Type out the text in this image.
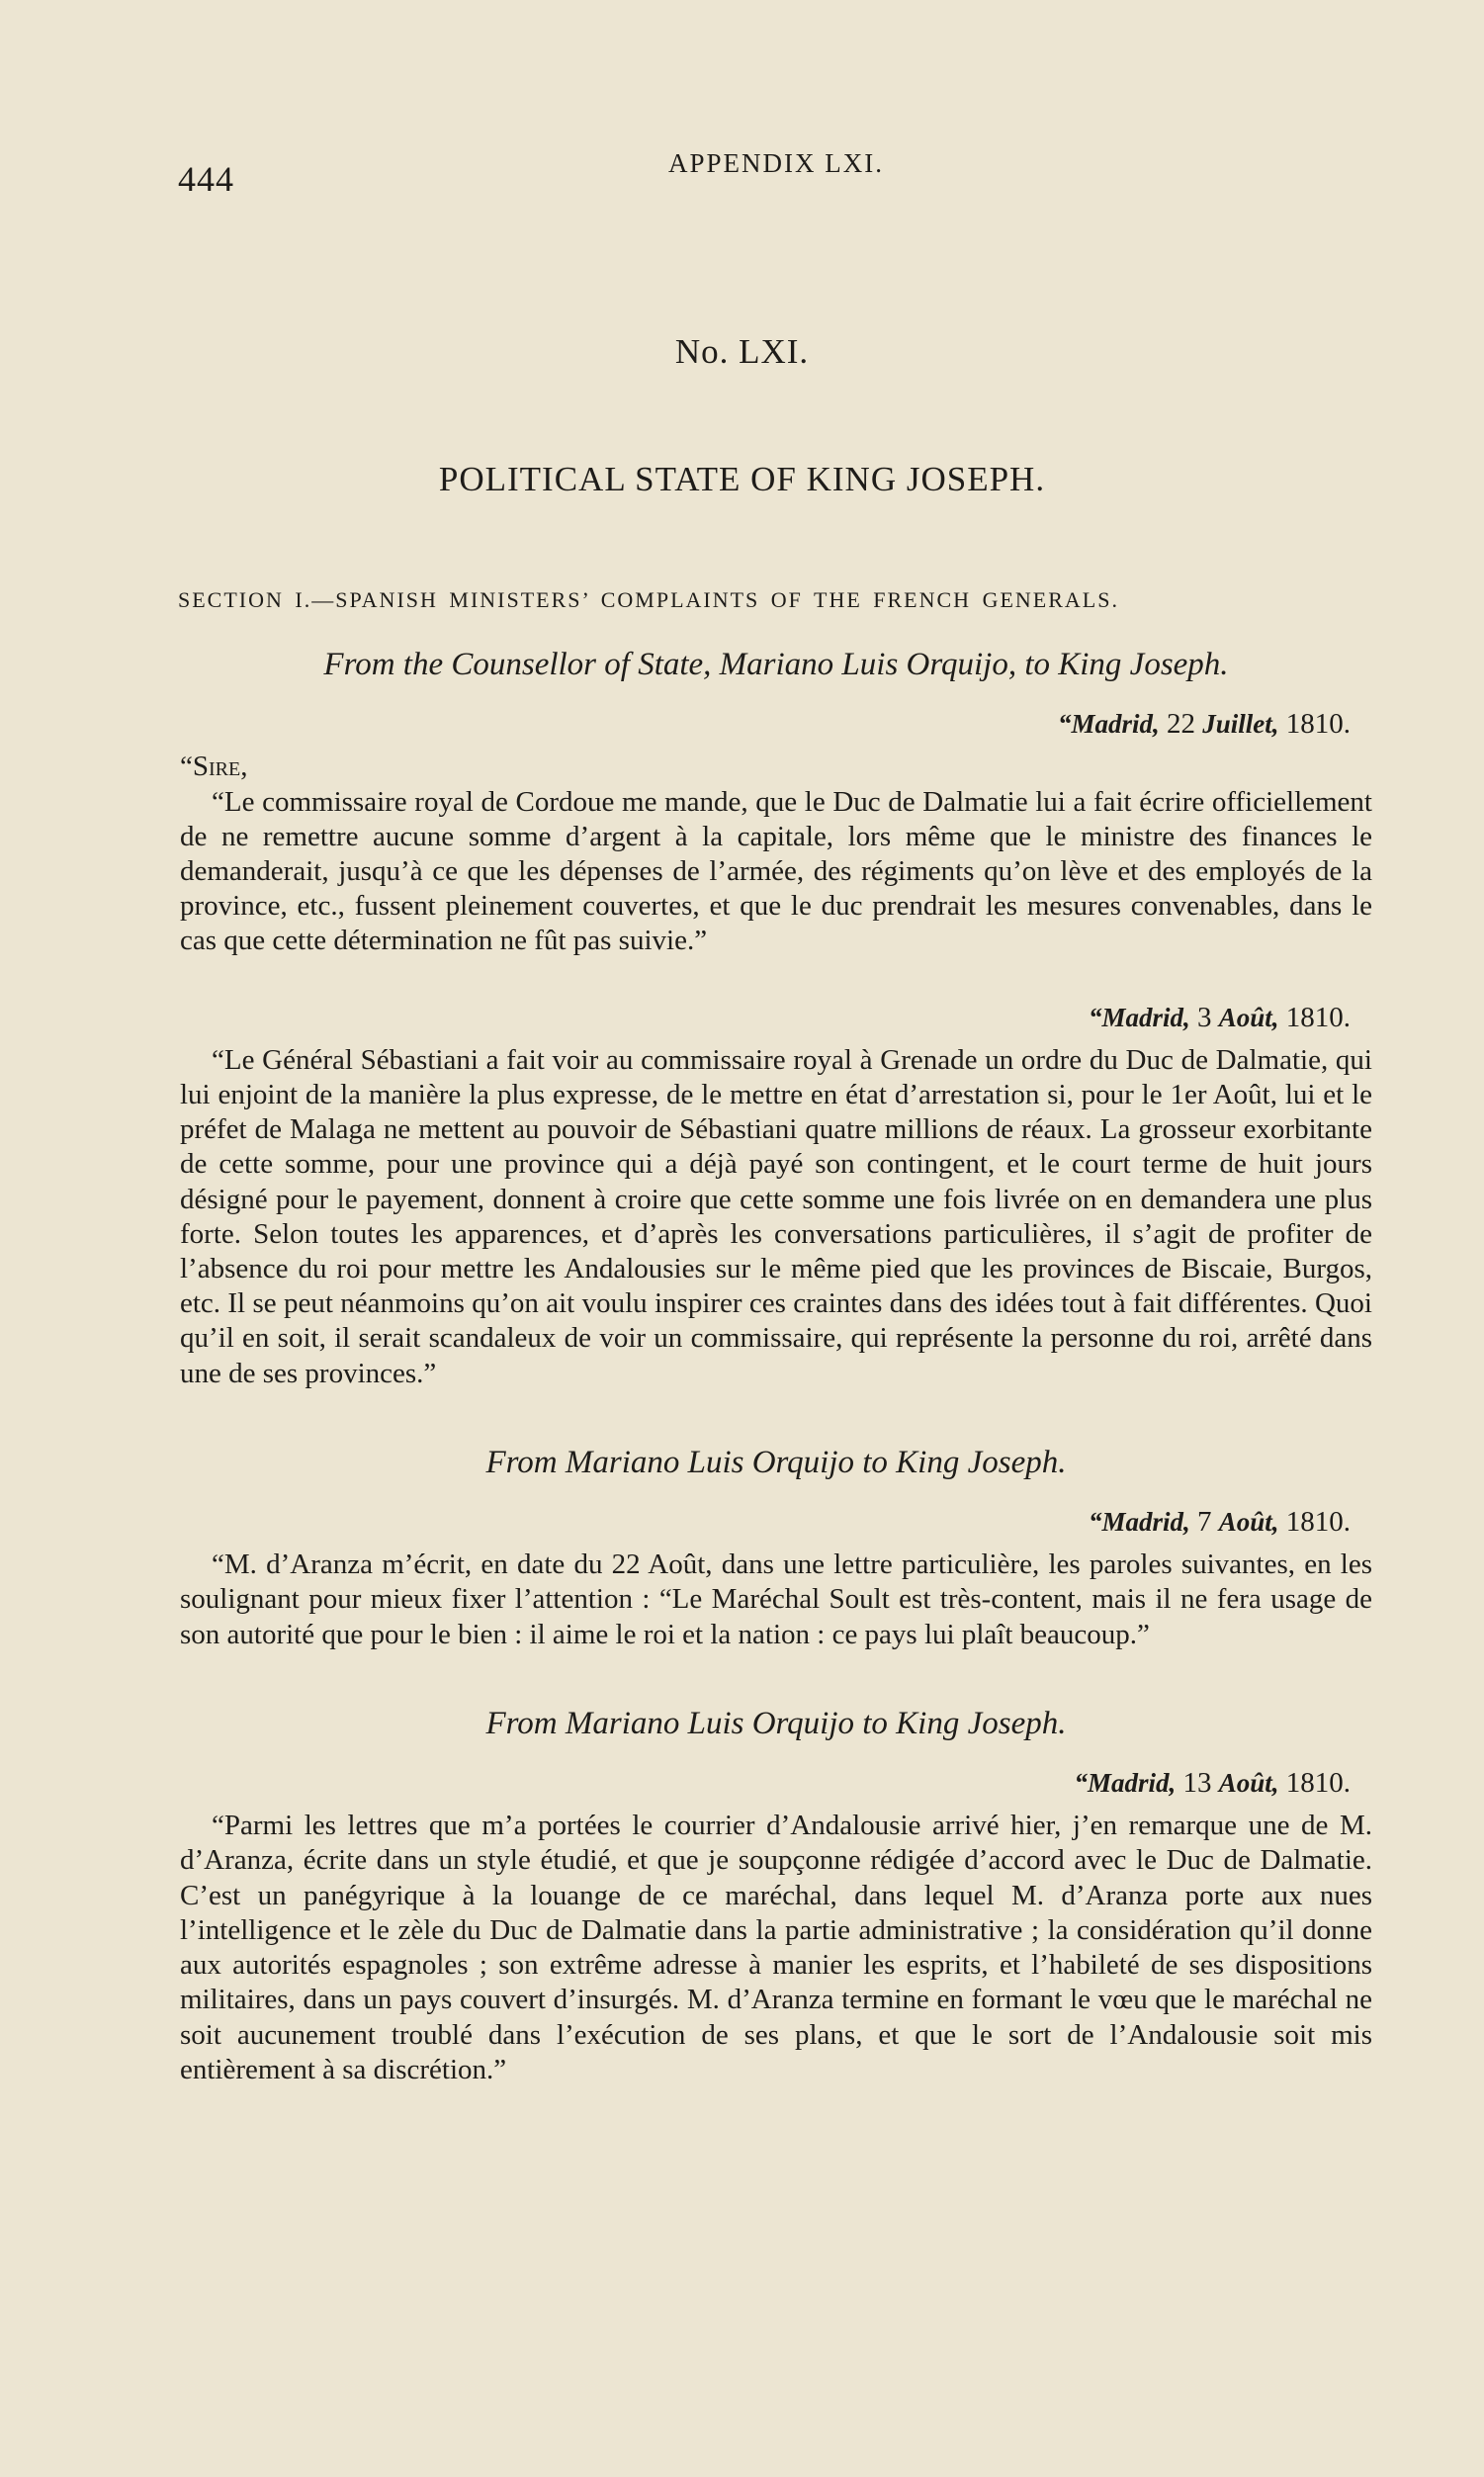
444	APPENDIX LXI.
No. LXI.
POLITICAL STATE OF KING JOSEPH.
SECTION I.—SPANISH MINISTERS’ COMPLAINTS OF THE FRENCH GENERALS.
From the Counsellor of State, Mariano Luis Orquijo, to King Joseph.
“Madrid, 22 Juillet, 1810.

“Sire,

“Le commissaire royal de Cordoue me mande, que le Duc de Dalmatie lui a fait écrire officiellement de ne remettre aucune somme d’argent à la capitale, lors même que le ministre des finances le demanderait, jusqu’à ce que les dépenses de l’armée, des régiments qu’on lève et des employés de la province, etc., fussent pleinement couvertes, et que le duc prendrait les mesures convenables, dans le cas que cette détermination ne fût pas suivie.”

“Madrid, 3 Août, 1810.

“Le Général Sébastiani a fait voir au commissaire royal à Grenade un ordre du Duc de Dalmatie, qui lui enjoint de la manière la plus expresse, de le mettre en état d’arrestation si, pour le 1er Août, lui et le préfet de Malaga ne mettent au pouvoir de Sébastiani quatre millions de réaux. La grosseur exorbitante de cette somme, pour une province qui a déjà payé son contingent, et le court terme de huit jours désigné pour le payement, donnent à croire que cette somme une fois livrée on en demandera une plus forte. Selon toutes les apparences, et d’après les conversations particulières, il s’agit de profiter de l’absence du roi pour mettre les Andalousies sur le même pied que les provinces de Biscaie, Burgos, etc. Il se peut néanmoins qu’on ait voulu inspirer ces craintes dans des idées tout à fait différentes. Quoi qu’il en soit, il serait scandaleux de voir un commissaire, qui représente la personne du roi, arrêté dans une de ses provinces.”

From Mariano Luis Orquijo to King Joseph.
“Madrid, 7 Août, 1810.

“M. d’Aranza m’écrit, en date du 22 Août, dans une lettre particulière, les paroles suivantes, en les soulignant pour mieux fixer l’attention : “Le Maréchal Soult est très-content, mais il ne fera usage de son autorité que pour le bien : il aime le roi et la nation : ce pays lui plaît beaucoup.”

From Mariano Luis Orquijo to King Joseph.
“Madrid, 13 Août, 1810.

“Parmi les lettres que m’a portées le courrier d’Andalousie arrivé hier, j’en remarque une de M. d’Aranza, écrite dans un style étudié, et que je soupçonne rédigée d’accord avec le Duc de Dalmatie. C’est un panégyrique à la louange de ce maréchal, dans lequel M. d’Aranza porte aux nues l’intelligence et le zèle du Duc de Dalmatie dans la partie administrative ; la considération qu’il donne aux autorités espagnoles ; son extrême adresse à manier les esprits, et l’habileté de ses dispositions militaires, dans un pays couvert d’insurgés. M. d’Aranza termine en formant le vœu que le maréchal ne soit aucunement troublé dans l’exécution de ses plans, et que le sort de l’Andalousie soit mis entièrement à sa discrétion.”
